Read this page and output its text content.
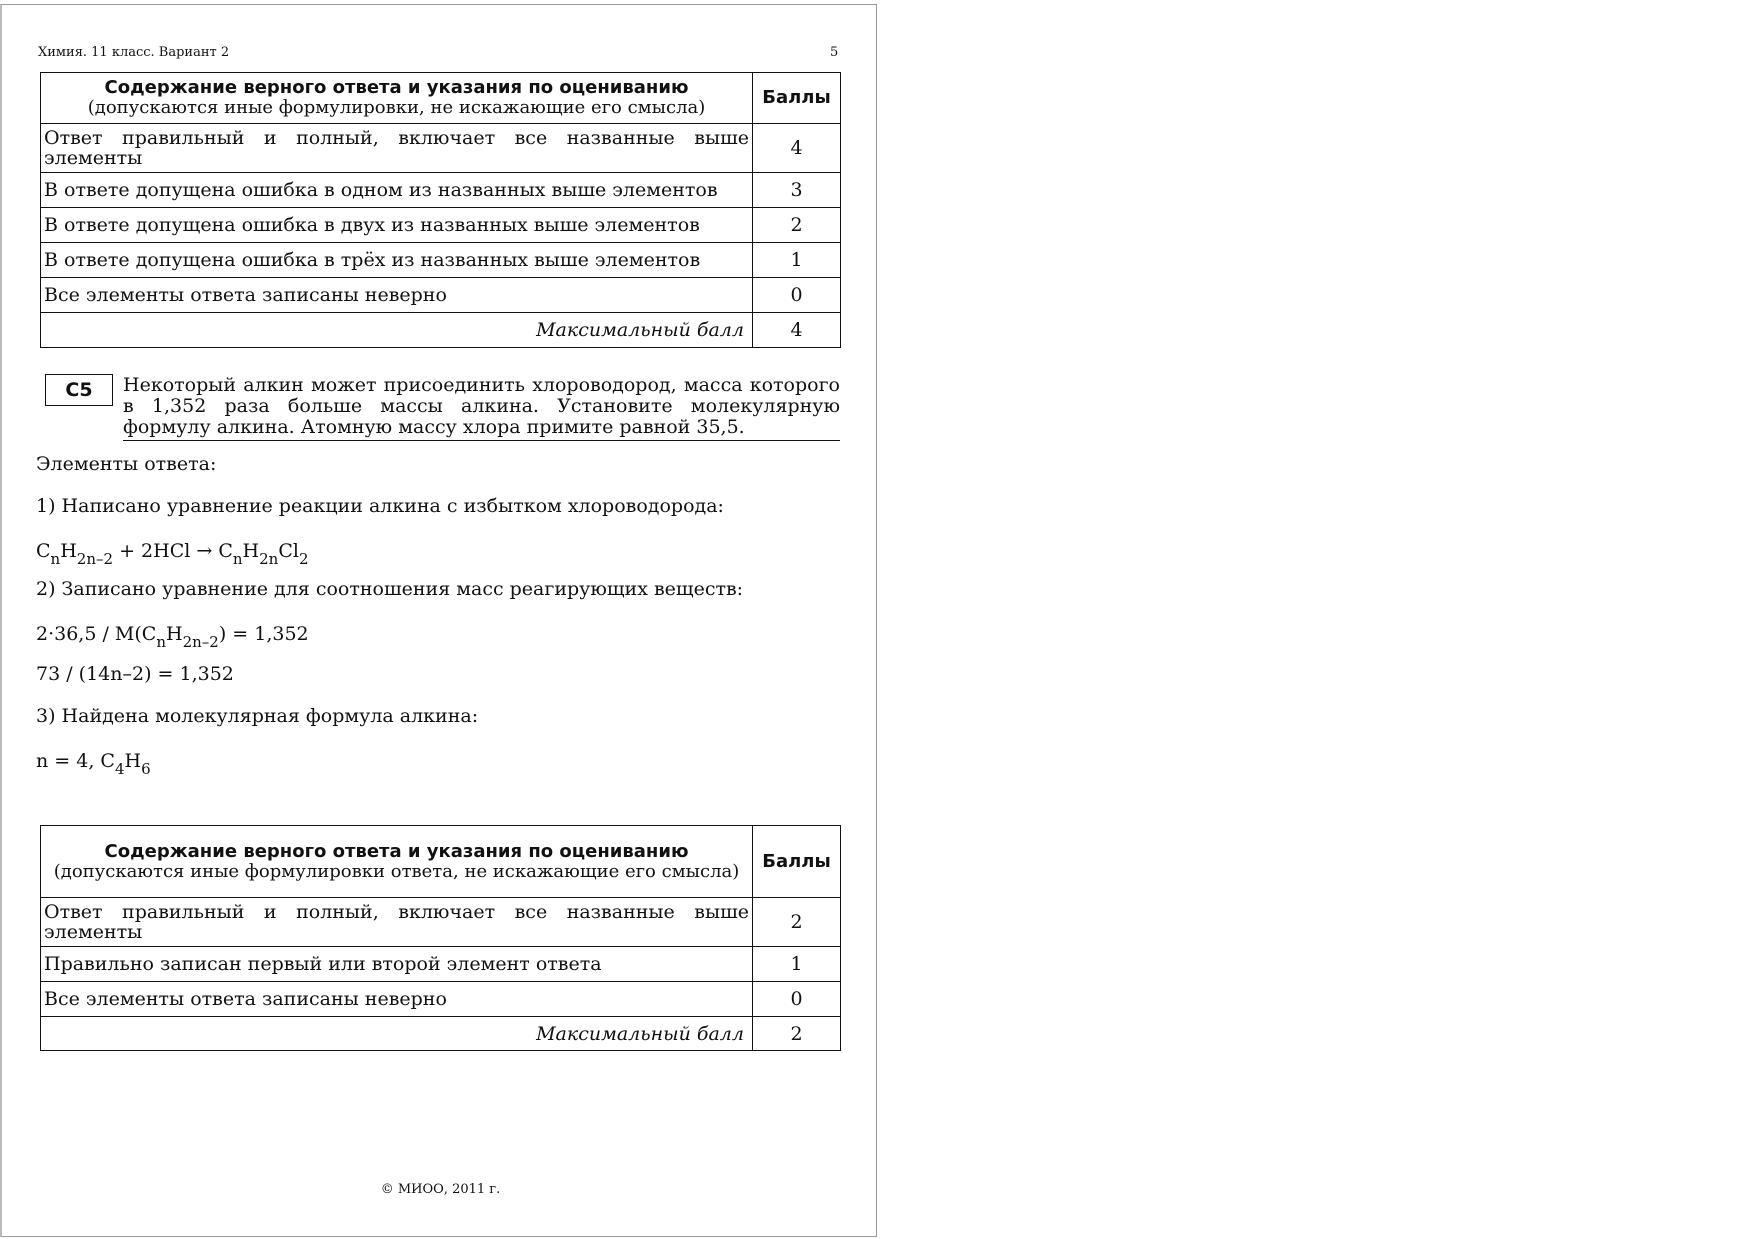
Химия. 11 класс. Вариант 2	5
Содержание верного ответа и указания по оцениванию
(допускаются иные формулировки, не искажающие его смысла)	Баллы
Ответ правильный и полный, включает все названные выше элементы	4
В ответе допущена ошибка в одном из названных выше элементов	3
В ответе допущена ошибка в двух из названных выше элементов	2
В ответе допущена ошибка в трёх из названных выше элементов	1
Все элементы ответа записаны неверно	0
Максимальный балл	4
C5	Некоторый алкин может присоединить хлороводород, масса которого в 1,352 раза больше массы алкина. Установите молекулярную формулу алкина. Атомную массу хлора примите равной 35,5.
Элементы ответа:
1) Написано уравнение реакции алкина с избытком хлороводорода:
$C_nH_{2n-2} + 2HCl \to C_nH_{2n}Cl_2$
2) Записано уравнение для соотношения масс реагирующих веществ:
$2\cdot 36,5 / M(C_nH_{2n-2}) = 1,352$
73 / (14n–2) = 1,352
3) Найдена молекулярная формула алкина:
n = 4, $C_4H_6$
Содержание верного ответа и указания по оцениванию
(допускаются иные формулировки ответа, не искажающие его смысла)	Баллы
Ответ правильный и полный, включает все названные выше элементы	2
Правильно записан первый или второй элемент ответа	1
Все элементы ответа записаны неверно	0
Максимальный балл	2
© МИОО, 2011 г.
